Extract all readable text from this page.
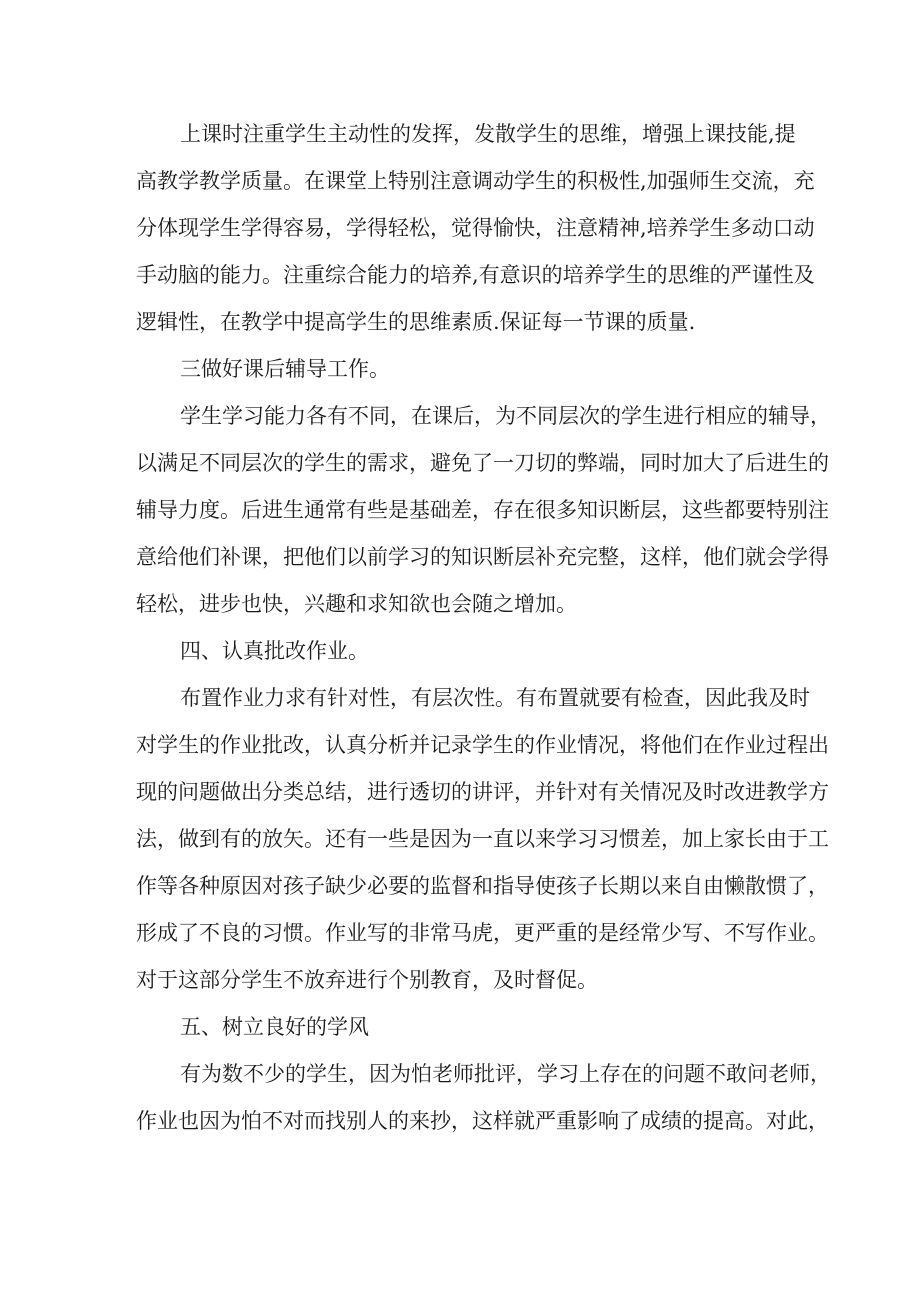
上课时注重学生主动性的发挥，发散学生的思维，增强上课技能,提

高教学教学质量。在课堂上特别注意调动学生的积极性,加强师生交流，充

分体现学生学得容易，学得轻松，觉得愉快，注意精神,培养学生多动口动

手动脑的能力。注重综合能力的培养,有意识的培养学生的思维的严谨性及

逻辑性，在教学中提高学生的思维素质.保证每一节课的质量.

三做好课后辅导工作。

学生学习能力各有不同，在课后，为不同层次的学生进行相应的辅导，

以满足不同层次的学生的需求，避免了一刀切的弊端，同时加大了后进生的

辅导力度。后进生通常有些是基础差，存在很多知识断层，这些都要特别注

意给他们补课，把他们以前学习的知识断层补充完整，这样，他们就会学得

轻松，进步也快，兴趣和求知欲也会随之增加。

四、认真批改作业。

布置作业力求有针对性，有层次性。有布置就要有检查，因此我及时

对学生的作业批改，认真分析并记录学生的作业情况，将他们在作业过程出

现的问题做出分类总结，进行透切的讲评，并针对有关情况及时改进教学方

法，做到有的放矢。还有一些是因为一直以来学习习惯差，加上家长由于工

作等各种原因对孩子缺少必要的监督和指导使孩子长期以来自由懒散惯了，

形成了不良的习惯。作业写的非常马虎，更严重的是经常少写、不写作业。

对于这部分学生不放弃进行个别教育，及时督促。

五、树立良好的学风

有为数不少的学生，因为怕老师批评，学习上存在的问题不敢问老师，

作业也因为怕不对而找别人的来抄，这样就严重影响了成绩的提高。对此，
